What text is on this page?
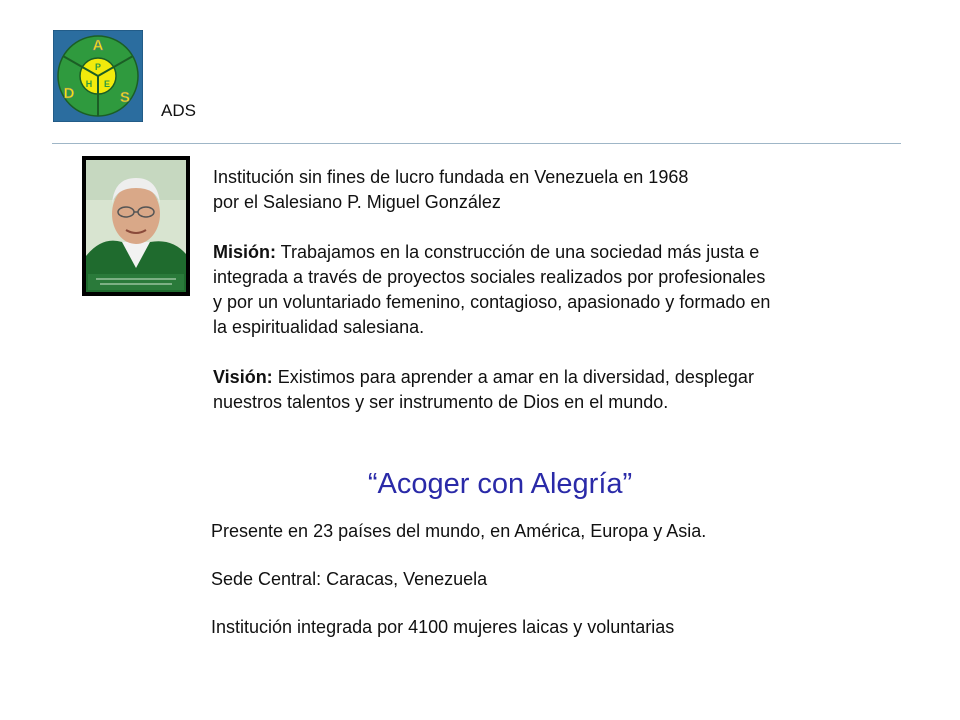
A
D	S
P
H E
ADS

Institución sin fines de lucro fundada en Venezuela en 1968

por el Salesiano P. Miguel González

Misión: Trabajamos en la construcción de una sociedad más justa e

integrada a través de proyectos sociales realizados por profesionales

y por un voluntariado femenino, contagioso, apasionado y formado en

la espiritualidad salesiana.

Visión: Existimos para aprender a amar en la diversidad, desplegar

nuestros talentos y ser instrumento de Dios en el mundo.

“Acoger con Alegría”

Presente en 23 países del mundo, en América, Europa y Asia.

Sede Central: Caracas, Venezuela

Institución integrada por 4100 mujeres laicas y voluntarias
